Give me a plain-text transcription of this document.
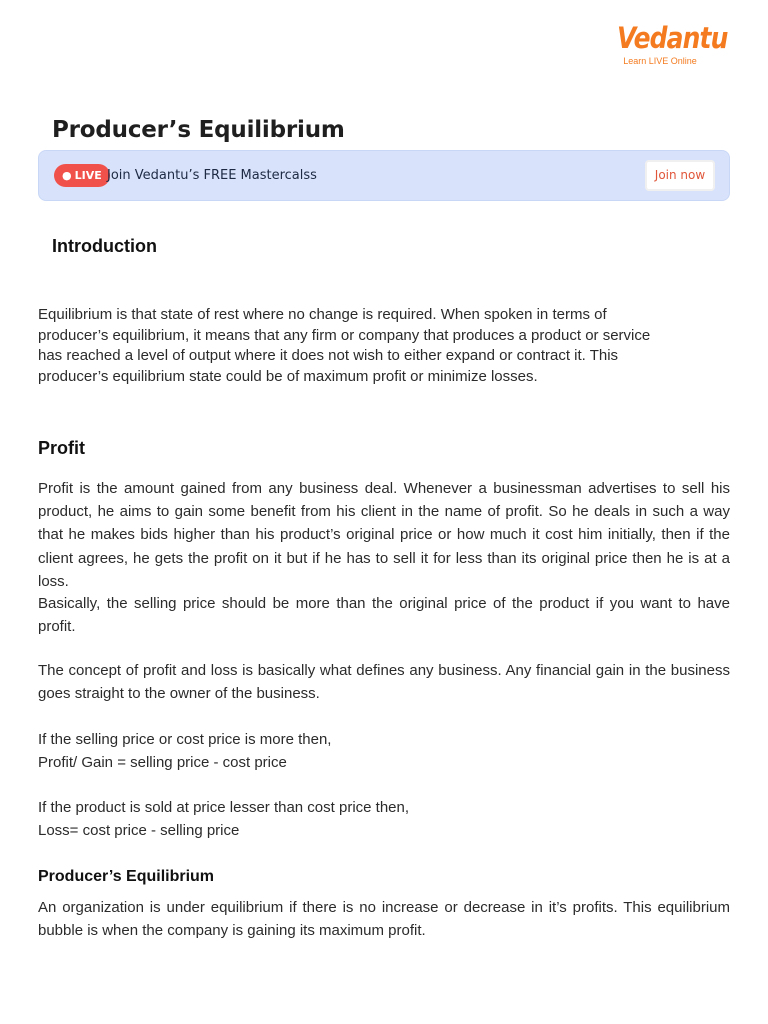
Vedantu
Learn LIVE Online
Producer’s Equilibrium
● LIVE Join Vedantu’s FREE Mastercalss	Join now
Introduction

Equilibrium is that state of rest where no change is required. When spoken in terms of
producer’s equilibrium, it means that any firm or company that produces a product or service
has reached a level of output where it does not wish to either expand or contract it. This
producer’s equilibrium state could be of maximum profit or minimize losses.

Profit

Profit is the amount gained from any business deal. Whenever a businessman advertises to sell his product, he aims to gain some benefit from his client in the name of profit. So he deals in such a way that he makes bids higher than his product’s original price or how much it cost him initially, then if the client agrees, he gets the profit on it but if he has to sell it for less than its original price then he is at a loss.

Basically, the selling price should be more than the original price of the product if you want to have profit.

The concept of profit and loss is basically what defines any business. Any financial gain in the business goes straight to the owner of the business.

If the selling price or cost price is more then,
Profit/ Gain = selling price - cost price

If the product is sold at price lesser than cost price then,
Loss= cost price - selling price

Producer’s Equilibrium

An organization is under equilibrium if there is no increase or decrease in it’s profits. This equilibrium bubble is when the company is gaining its maximum profit.
